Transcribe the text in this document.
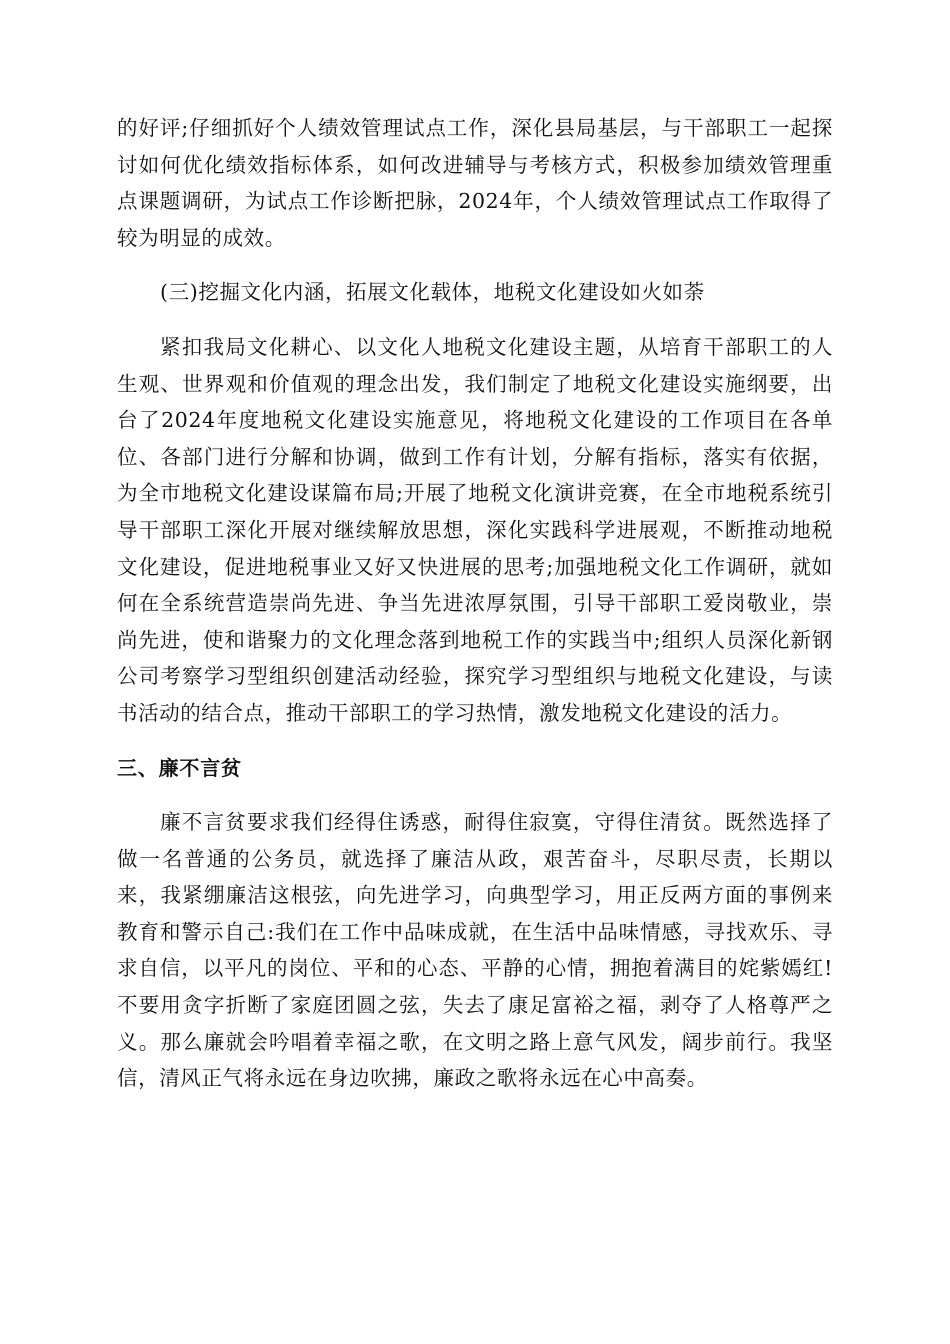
的好评;仔细抓好个人绩效管理试点工作，深化县局基层，与干部职工一起探讨如何优化绩效指标体系，如何改进辅导与考核方式，积极参加绩效管理重点课题调研，为试点工作诊断把脉，2024年，个人绩效管理试点工作取得了较为明显的成效。

(三)挖掘文化内涵，拓展文化载体，地税文化建设如火如荼

紧扣我局文化耕心、以文化人地税文化建设主题，从培育干部职工的人生观、世界观和价值观的理念出发，我们制定了地税文化建设实施纲要，出台了2024年度地税文化建设实施意见，将地税文化建设的工作项目在各单位、各部门进行分解和协调，做到工作有计划，分解有指标，落实有依据，为全市地税文化建设谋篇布局;开展了地税文化演讲竞赛，在全市地税系统引导干部职工深化开展对继续解放思想，深化实践科学进展观，不断推动地税文化建设，促进地税事业又好又快进展的思考;加强地税文化工作调研，就如何在全系统营造崇尚先进、争当先进浓厚氛围，引导干部职工爱岗敬业，崇尚先进，使和谐聚力的文化理念落到地税工作的实践当中;组织人员深化新钢公司考察学习型组织创建活动经验，探究学习型组织与地税文化建设，与读书活动的结合点，推动干部职工的学习热情，激发地税文化建设的活力。

三、廉不言贫

廉不言贫要求我们经得住诱惑，耐得住寂寞，守得住清贫。既然选择了做一名普通的公务员，就选择了廉洁从政，艰苦奋斗，尽职尽责，长期以来，我紧绷廉洁这根弦，向先进学习，向典型学习，用正反两方面的事例来教育和警示自己:我们在工作中品味成就，在生活中品味情感，寻找欢乐、寻求自信，以平凡的岗位、平和的心态、平静的心情，拥抱着满目的姹紫嫣红!不要用贪字折断了家庭团圆之弦，失去了康足富裕之福，剥夺了人格尊严之义。那么廉就会吟唱着幸福之歌，在文明之路上意气风发，阔步前行。我坚信，清风正气将永远在身边吹拂，廉政之歌将永远在心中高奏。
